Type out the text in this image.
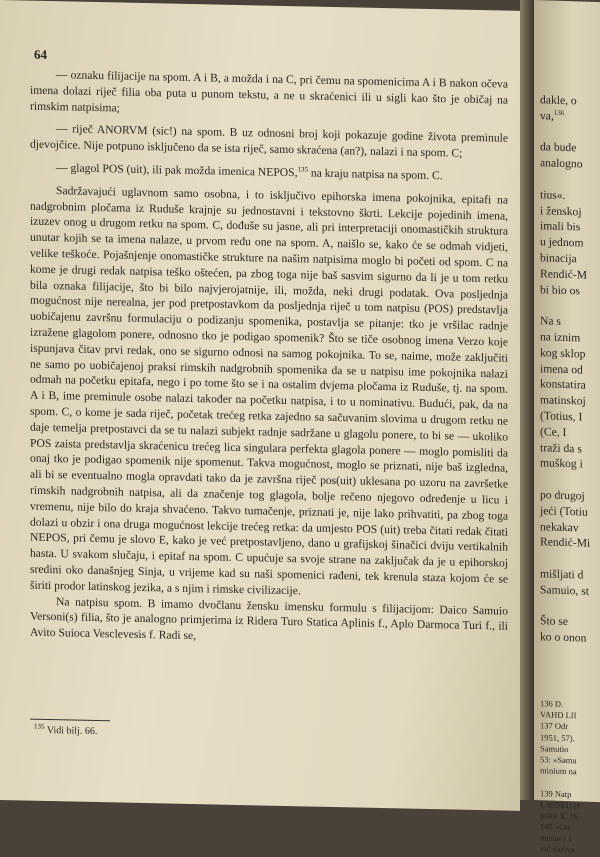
64

— oznaku filijacije na spom. A i B, a možda i na C, pri čemu na spomenicima A i B nakon očeva imena dolazi riječ filia oba puta u punom tekstu, a ne u skraćenici ili u sigli kao što je običaj na rimskim natpisima;

— riječ ANORVM (sic!) na spom. B uz odnosni broj koji pokazuje godine života preminule djevojčice. Nije potpuno isključeno da se ista riječ, samo skraćena (an?), nalazi i na spom. C;

— glagol POS (uit), ili pak možda imenica NEPOS,$^{135}$ na kraju natpisa na spom. C.

Sadržavajući uglavnom samo osobna, i to isključivo epihorska imena pokojnika, epitafi na nadgrobnim pločama iz Ruduše krajnje su jednostavni i tekstovno škrti. Lekcije pojedinih imena, izuzev onog u drugom retku na spom. C, dođuše su jasne, ali pri interpretaciji onomastičkih struktura unutar kojih se ta imena nalaze, u prvom redu one na spom. A, naišlo se, kako će se odmah vidjeti, velike teškoće. Pojašnjenje onomastičke strukture na našim natpisima moglo bi početi od spom. C na kome je drugi redak natpisa teško oštećen, pa zbog toga nije baš sasvim sigurno da li je u tom retku bila oznaka filijacije, što bi bilo najvjerojatnije, ili, možda, neki drugi podatak. Ova posljednja mogućnost nije nerealna, jer pod pretpostavkom da posljednja riječ u tom natpisu (POS) predstavlja uobičajenu završnu formulaciju o podizanju spomenika, postavlja se pitanje: tko je vršilac radnje izražene glagolom ponere, odnosno tko je podigao spomenik? Što se tiče osobnog imena Verzo koje ispunjava čitav prvi redak, ono se sigurno odnosi na samog pokojnika. To se, naime, može zaključiti ne samo po uobičajenoj praksi rimskih nadgrobnih spomenika da se u natpisu ime pokojnika nalazi odmah na početku epitafa, nego i po tome što se i na ostalim dvjema pločama iz Ruduše, tj. na spom. A i B, ime preminule osobe nalazi također na početku natpisa, i to u nominativu. Budući, pak, da na spom. C, o kome je sada riječ, početak trećeg retka zajedno sa sačuvanim slovima u drugom retku ne daje temelja pretpostavci da se tu nalazi subjekt radnje sadržane u glagolu ponere, to bi se — ukoliko POS zaista predstavlja skraćenicu trećeg lica singulara perfekta glagola ponere — moglo pomisliti da onaj tko je podigao spomenik nije spomenut. Takva mogućnost, moglo se priznati, nije baš izgledna, ali bi se eventualno mogla opravdati tako da je završna riječ pos(uit) uklesana po uzoru na završetke rimskih nadgrobnih natpisa, ali da značenje tog glagola, bolje rečeno njegovo određenje u licu i vremenu, nije bilo do kraja shvaćeno. Takvo tumačenje, priznati je, nije lako prihvatiti, pa zbog toga dolazi u obzir i ona druga mogućnost lekcije trećeg retka: da umjesto POS (uit) treba čitati redak čitati NEPOS, pri čemu je slovo E, kako je već pretpostavljeno, dano u grafijskoj šinačici dviju vertikalnih hasta. U svakom slučaju, i epitaf na spom. C upućuje sa svoje strane na zaključak da je u epihorskoj sredini oko današnjeg Sinja, u vrijeme kad su naši spomenici rađeni, tek krenula staza kojom će se širiti prodor latinskog jezika, a s njim i rimske civilizacije.

Na natpisu spom. B imamo dvočlanu žensku imensku formulu s filijacijom: Daico Samuio Versoni(s) filia, što je analogno primjerima iz Ridera Turo Statica Aplinis f., Aplo Darmoca Turi f., ili Avito Suioca Vesclevesis f. Radi se,

$^{135}$ Vidi bilj. 66.
dakle, o
va,$^{136}$
da bude
analogno
tius«.
i ženskoj
imali bis
u jednom
binacija
Rendić-M
bi bio os
Na s
na iznim
kog sklop
imena od
konstatira
matinskoj
(Totius, I
(Ce, I
traži da s
muškog i
po drugoj
jeći (Totiu
nekakav
Rendić-Mi
mišljati d
Samuio, st
Što se
ko o onon
136 D.
VAHD LII
137 Odr
1951, 57).
Samutio
53: »Samu
minium na
139 Natp
LJEDRJ) [F
ptika X, 16
140 »Otc
mena«) 1
vić naziva
